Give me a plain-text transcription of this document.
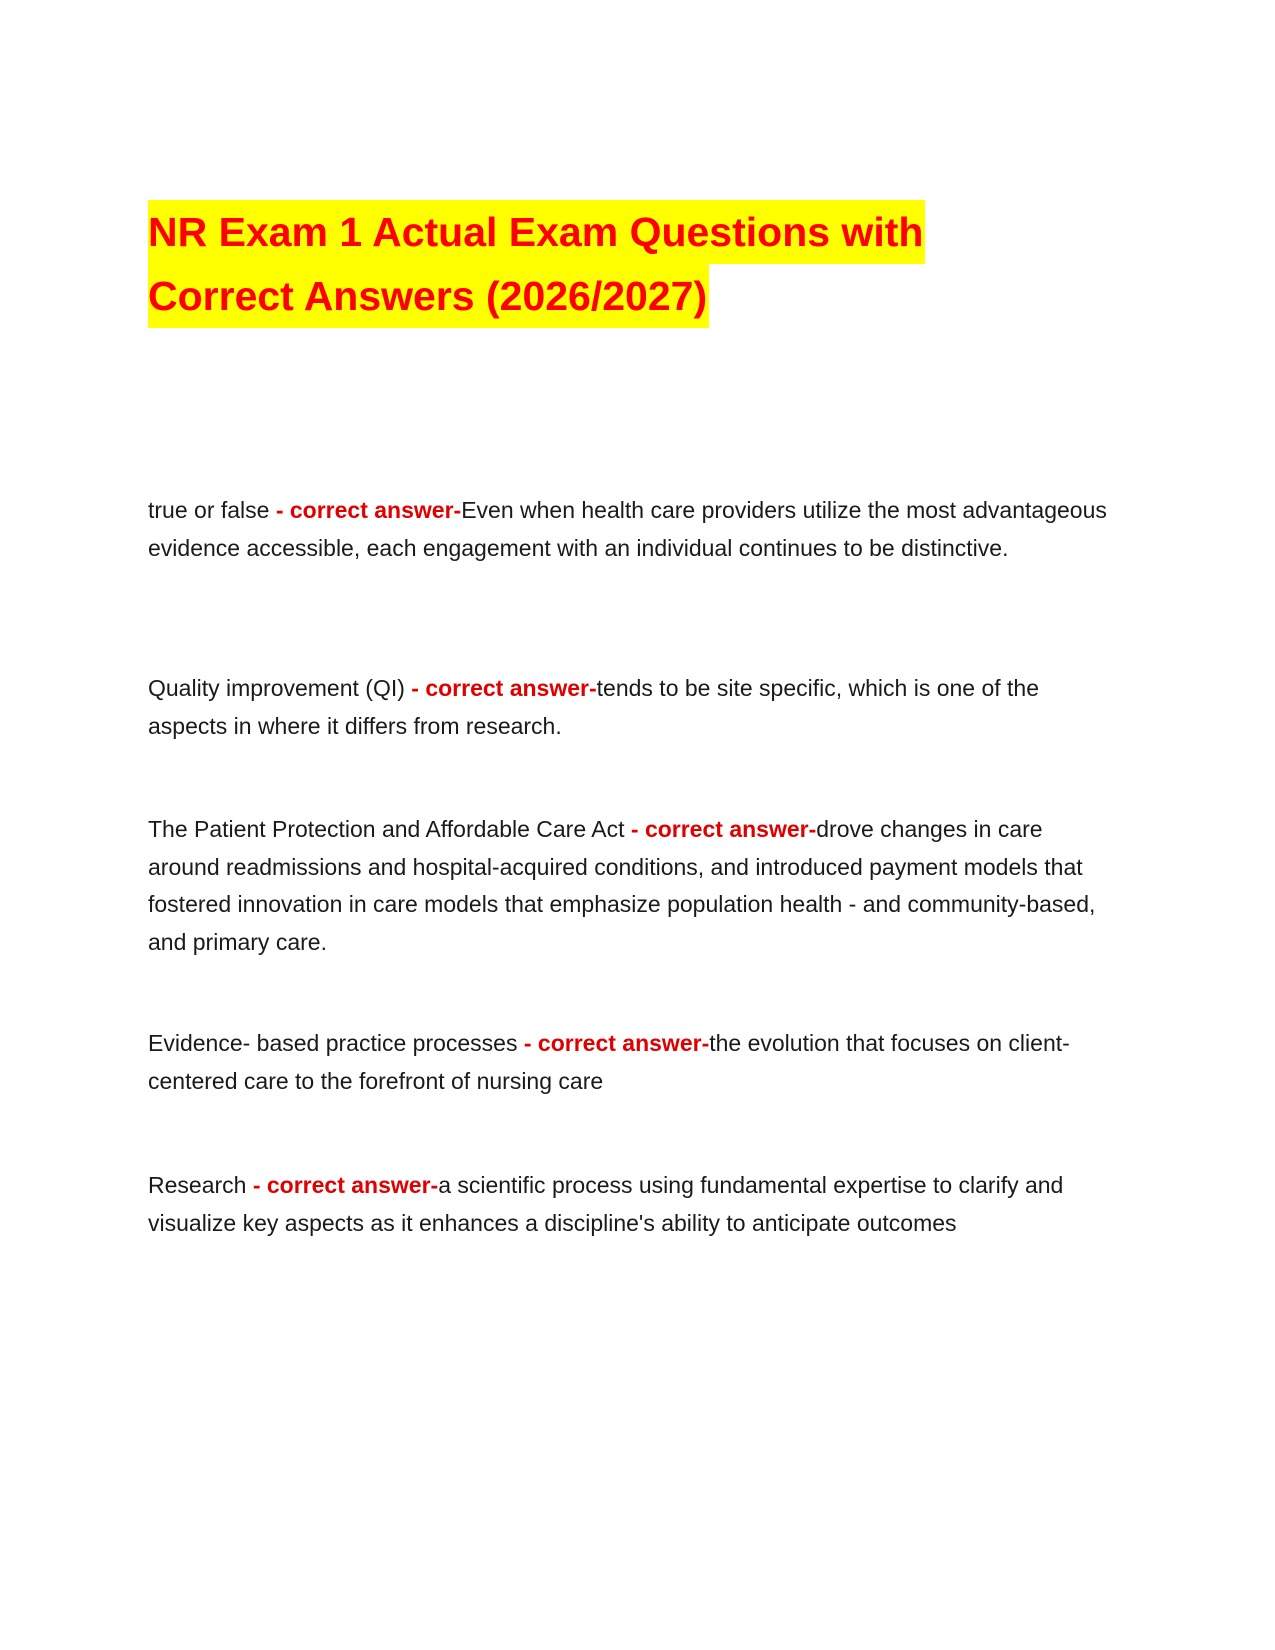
NR Exam 1 Actual Exam Questions with
Correct Answers (2026/2027)
true or false - correct answer-Even when health care providers utilize the most advantageous evidence accessible, each engagement with an individual continues to be distinctive.
Quality improvement (QI) - correct answer-tends to be site specific, which is one of the aspects in where it differs from research.
The Patient Protection and Affordable Care Act - correct answer-drove changes in care around readmissions and hospital-acquired conditions, and introduced payment models that fostered innovation in care models that emphasize population health - and community-based, and primary care.
Evidence- based practice processes - correct answer-the evolution that focuses on client- centered care to the forefront of nursing care
Research - correct answer-a scientific process using fundamental expertise to clarify and visualize key aspects as it enhances a discipline's ability to anticipate outcomes
